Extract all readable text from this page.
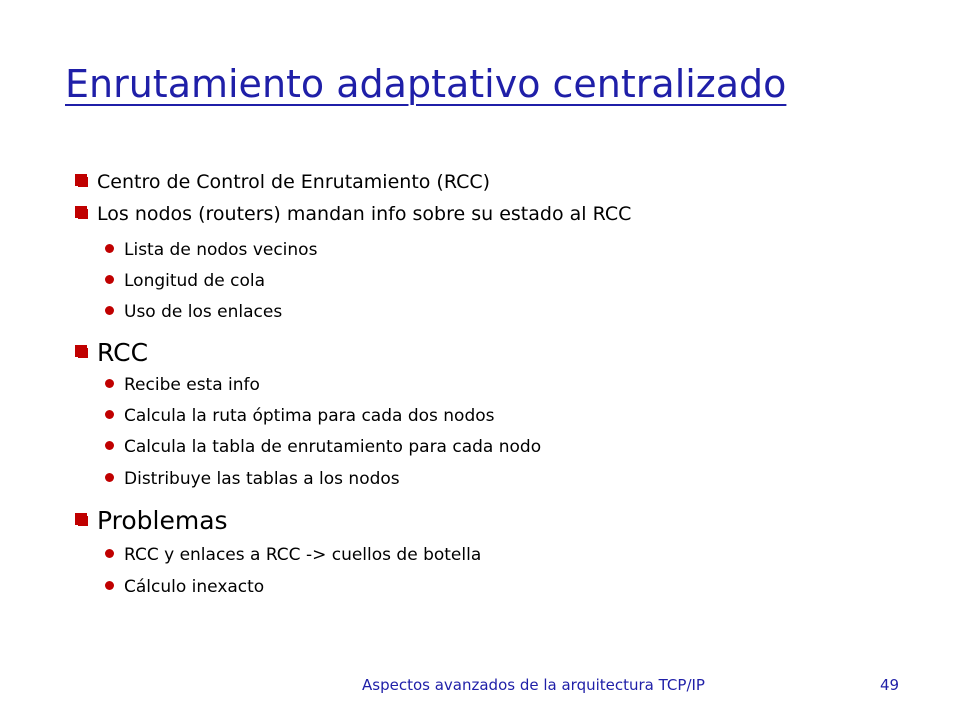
Enrutamiento adaptativo centralizado
Centro de Control de Enrutamiento (RCC)
Los nodos (routers) mandan info sobre su estado al RCC
Lista de nodos vecinos
Longitud de cola
Uso de los enlaces
RCC
Recibe esta info
Calcula la ruta óptima para cada dos nodos
Calcula la tabla de enrutamiento para cada nodo
Distribuye las tablas a los nodos
Problemas
RCC y enlaces a RCC -> cuellos de botella
Cálculo inexacto
Aspectos avanzados de la arquitectura TCP/IP	49
